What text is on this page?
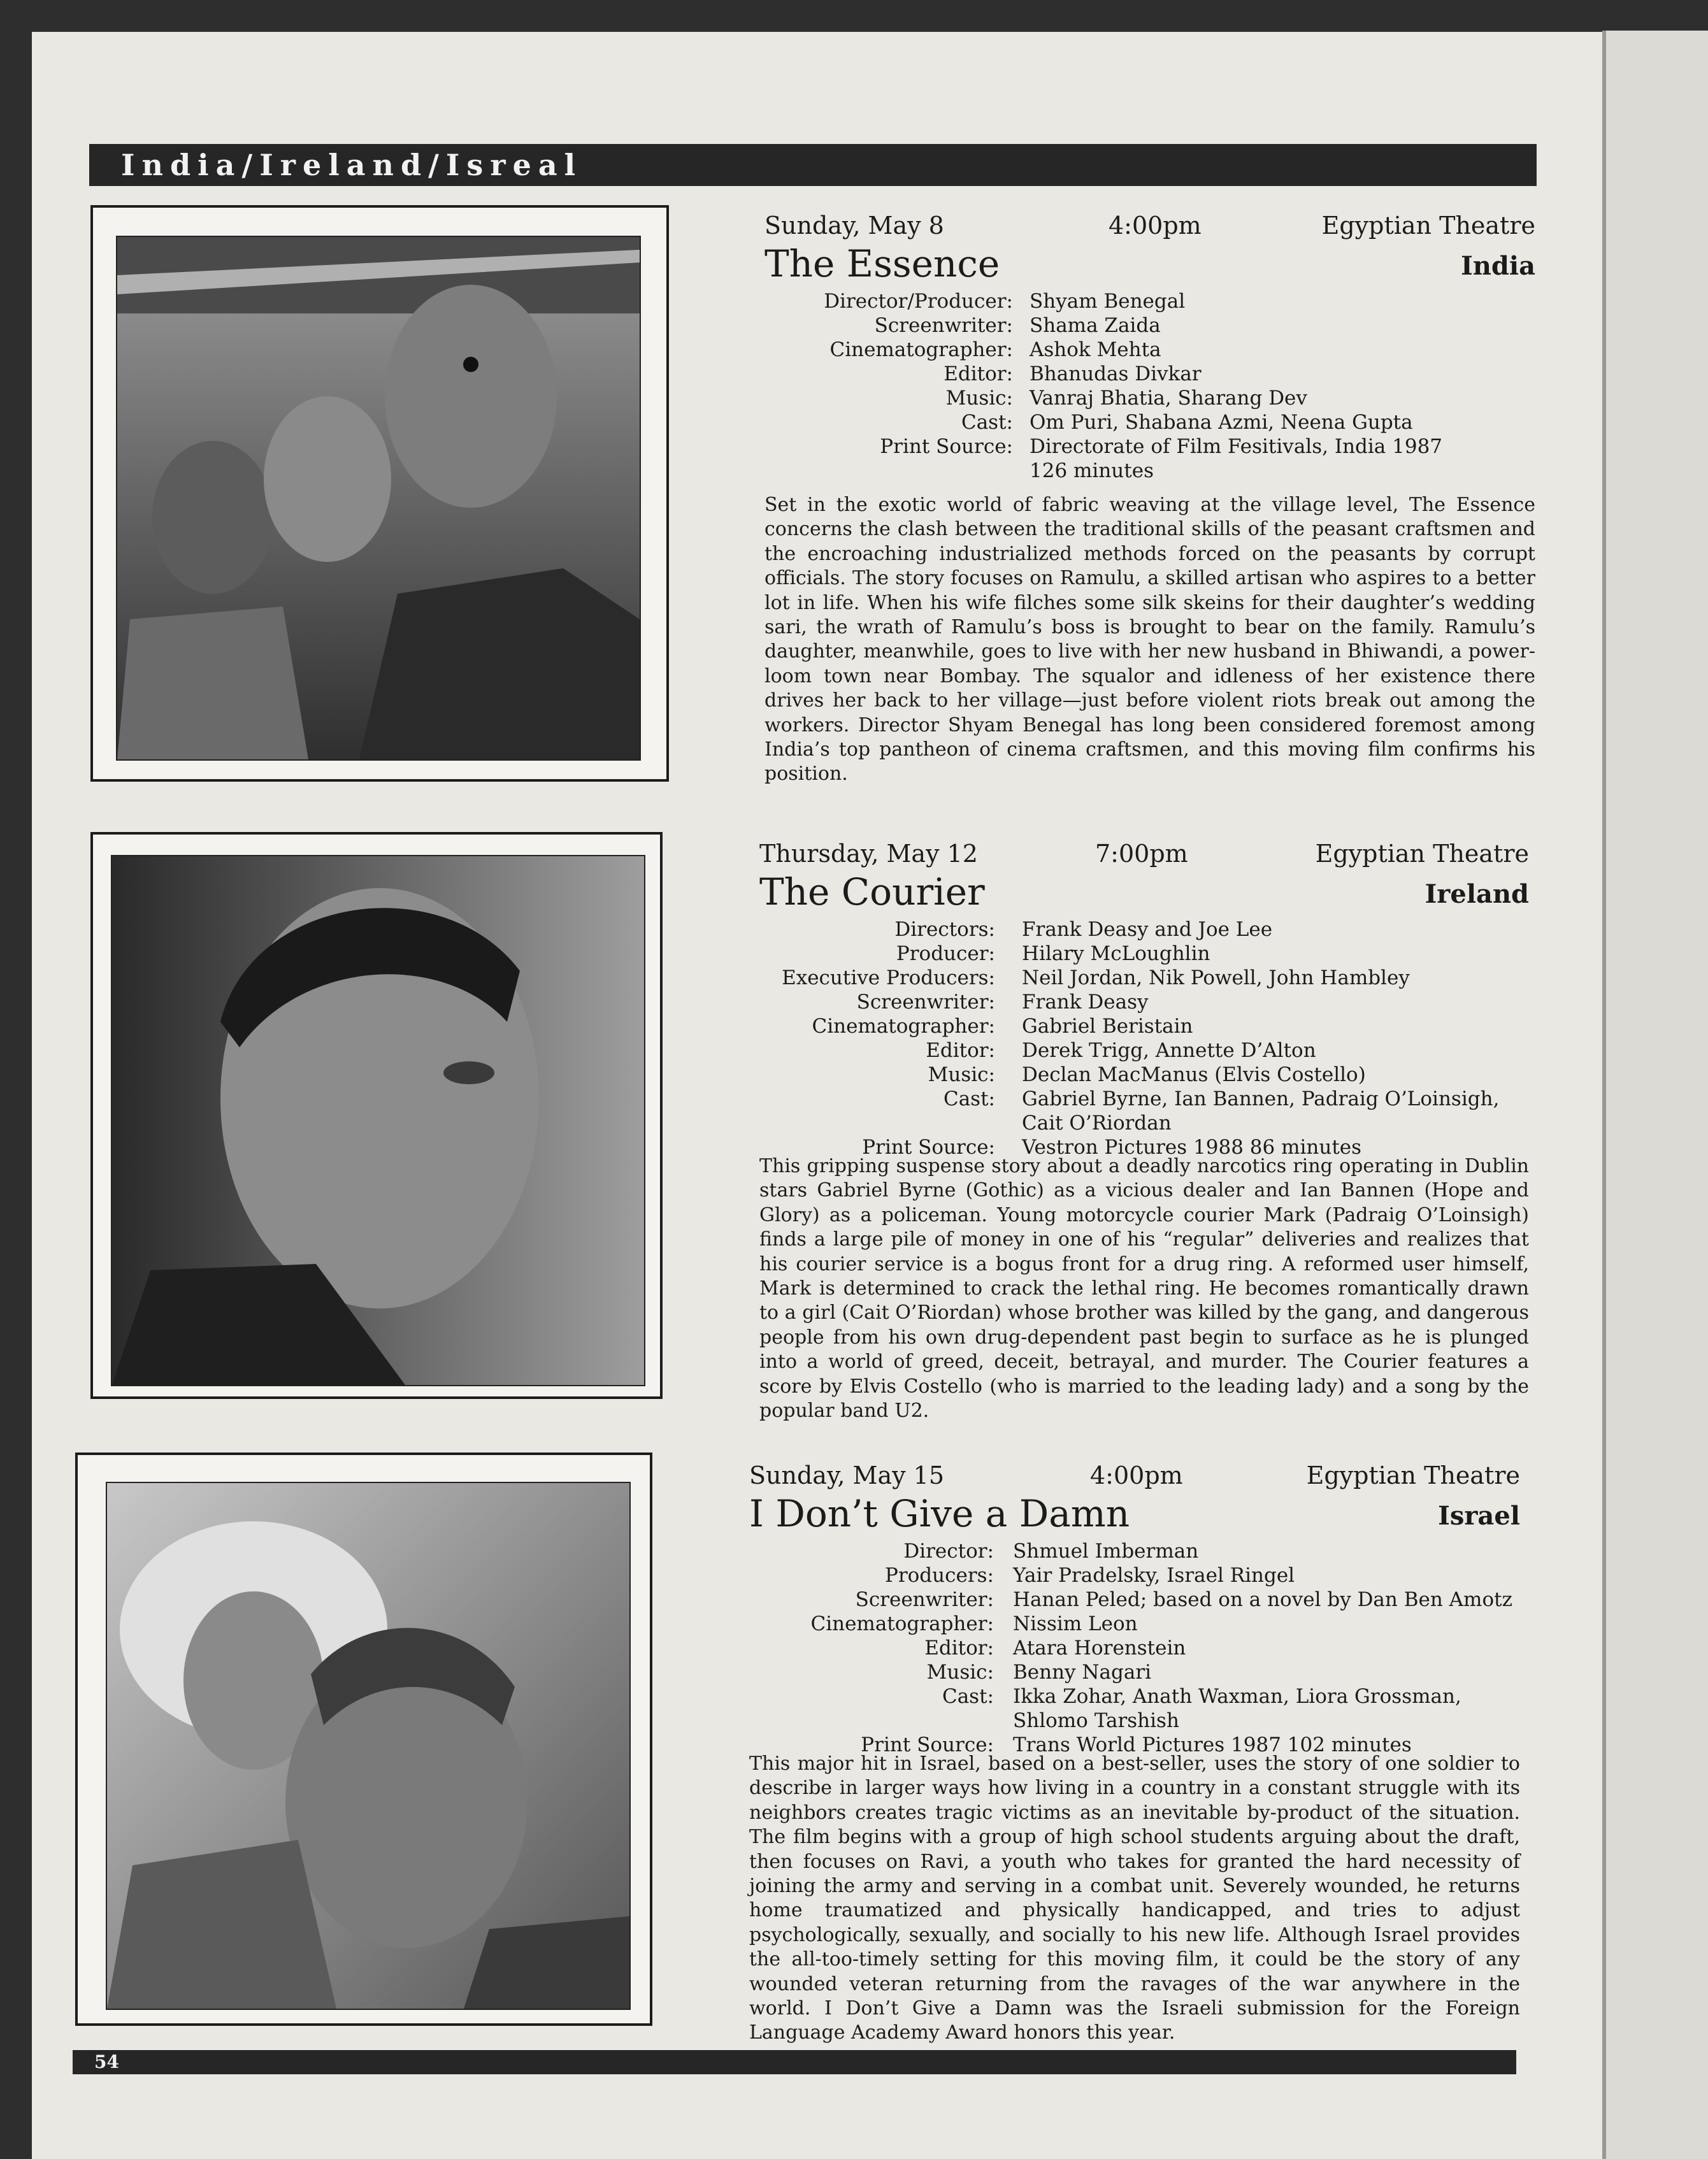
India/Ireland/Isreal
Sunday, May 8	4:00pm	Egyptian Theatre
The Essence	India
Director/Producer: Shyam Benegal
Screenwriter: Shama Zaida
Cinematographer: Ashok Mehta
Editor: Bhanudas Divkar
Music: Vanraj Bhatia, Sharang Dev
Cast: Om Puri, Shabana Azmi, Neena Gupta
Print Source: Directorate of Film Fesitivals, India 1987
126 minutes
Set in the exotic world of fabric weaving at the village level, The Essence concerns the clash between the traditional skills of the peasant craftsmen and the encroaching industrialized methods forced on the peasants by corrupt officials. The story focuses on Ramulu, a skilled artisan who aspires to a better lot in life. When his wife filches some silk skeins for their daughter’s wedding sari, the wrath of Ramulu’s boss is brought to bear on the family. Ramulu’s daughter, meanwhile, goes to live with her new husband in Bhiwandi, a power-loom town near Bombay. The squalor and idleness of her existence there drives her back to her village—just before violent riots break out among the workers. Director Shyam Benegal has long been considered foremost among India’s top pantheon of cinema craftsmen, and this moving film confirms his position.
Thursday, May 12	7:00pm	Egyptian Theatre
The Courier	Ireland
Directors: Frank Deasy and Joe Lee
Producer: Hilary McLoughlin
Executive Producers: Neil Jordan, Nik Powell, John Hambley
Screenwriter: Frank Deasy
Cinematographer: Gabriel Beristain
Editor: Derek Trigg, Annette D’Alton
Music: Declan MacManus (Elvis Costello)
Cast: Gabriel Byrne, Ian Bannen, Padraig O’Loinsigh,
Cait O’Riordan
Print Source: Vestron Pictures 1988 86 minutes
This gripping suspense story about a deadly narcotics ring operating in Dublin stars Gabriel Byrne (Gothic) as a vicious dealer and Ian Bannen (Hope and Glory) as a policeman. Young motorcycle courier Mark (Padraig O’Loinsigh) finds a large pile of money in one of his “regular” deliveries and realizes that his courier service is a bogus front for a drug ring. A reformed user himself, Mark is determined to crack the lethal ring. He becomes romantically drawn to a girl (Cait O’Riordan) whose brother was killed by the gang, and dangerous people from his own drug-dependent past begin to surface as he is plunged into a world of greed, deceit, betrayal, and murder. The Courier features a score by Elvis Costello (who is married to the leading lady) and a song by the popular band U2.
Sunday, May 15	4:00pm	Egyptian Theatre
I Don’t Give a Damn	Israel
Director: Shmuel Imberman
Producers: Yair Pradelsky, Israel Ringel
Screenwriter: Hanan Peled; based on a novel by Dan Ben Amotz
Cinematographer: Nissim Leon
Editor: Atara Horenstein
Music: Benny Nagari
Cast: Ikka Zohar, Anath Waxman, Liora Grossman,
Shlomo Tarshish
Print Source: Trans World Pictures 1987 102 minutes
This major hit in Israel, based on a best-seller, uses the story of one soldier to describe in larger ways how living in a country in a constant struggle with its neighbors creates tragic victims as an inevitable by-product of the situation. The film begins with a group of high school students arguing about the draft, then focuses on Ravi, a youth who takes for granted the hard necessity of joining the army and serving in a combat unit. Severely wounded, he returns home traumatized and physically handicapped, and tries to adjust psychologically, sexually, and socially to his new life. Although Israel provides the all-too-timely setting for this moving film, it could be the story of any wounded veteran returning from the ravages of the war anywhere in the world. I Don’t Give a Damn was the Israeli submission for the Foreign Language Academy Award honors this year.
54
